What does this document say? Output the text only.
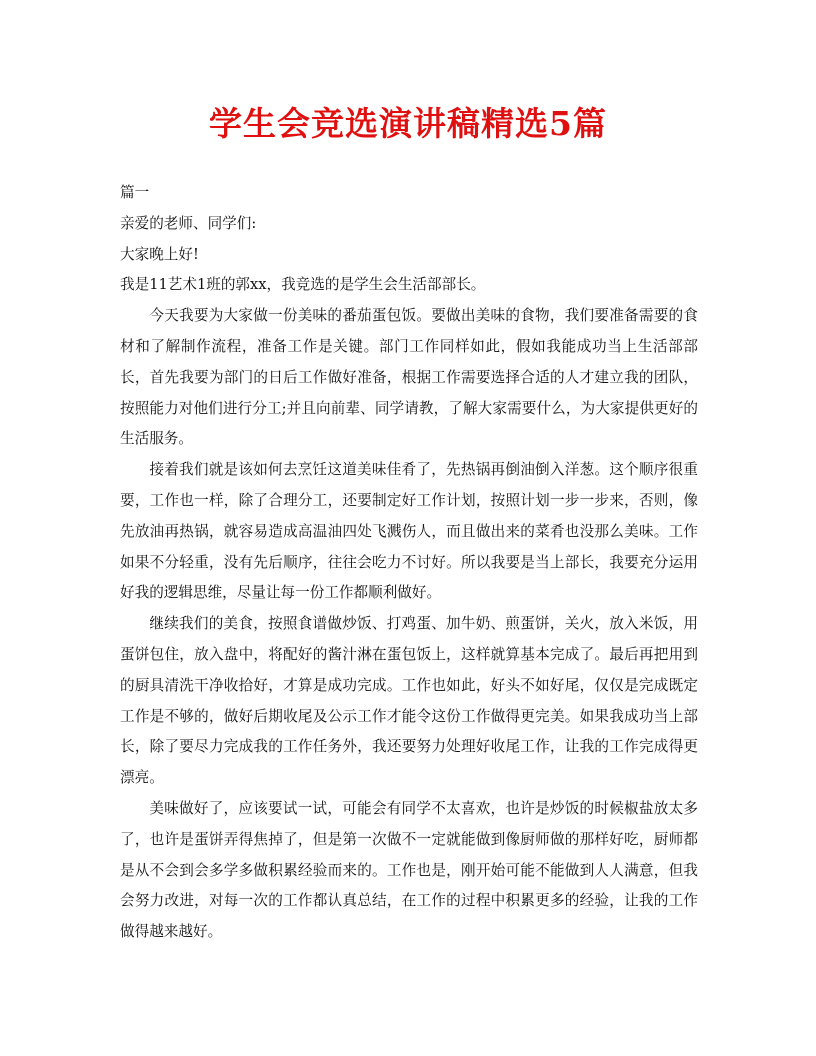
学生会竞选演讲稿精选5篇

篇一

亲爱的老师、同学们:

大家晚上好!

我是11艺术1班的郭xx，我竞选的是学生会生活部部长。

今天我要为大家做一份美味的番茄蛋包饭。要做出美味的食物，我们要准备需要的食材和了解制作流程，准备工作是关键。部门工作同样如此，假如我能成功当上生活部部长，首先我要为部门的日后工作做好准备，根据工作需要选择合适的人才建立我的团队，按照能力对他们进行分工;并且向前辈、同学请教，了解大家需要什么，为大家提供更好的生活服务。

接着我们就是该如何去烹饪这道美味佳肴了，先热锅再倒油倒入洋葱。这个顺序很重要，工作也一样，除了合理分工，还要制定好工作计划，按照计划一步一步来，否则，像先放油再热锅，就容易造成高温油四处飞溅伤人，而且做出来的菜肴也没那么美味。工作如果不分轻重，没有先后顺序，往往会吃力不讨好。所以我要是当上部长，我要充分运用好我的逻辑思维，尽量让每一份工作都顺利做好。

继续我们的美食，按照食谱做炒饭、打鸡蛋、加牛奶、煎蛋饼，关火，放入米饭，用蛋饼包住，放入盘中，将配好的酱汁淋在蛋包饭上，这样就算基本完成了。最后再把用到的厨具清洗干净收拾好，才算是成功完成。工作也如此，好头不如好尾，仅仅是完成既定工作是不够的，做好后期收尾及公示工作才能令这份工作做得更完美。如果我成功当上部长，除了要尽力完成我的工作任务外，我还要努力处理好收尾工作，让我的工作完成得更漂亮。

美味做好了，应该要试一试，可能会有同学不太喜欢，也许是炒饭的时候椒盐放太多了，也许是蛋饼弄得焦掉了，但是第一次做不一定就能做到像厨师做的那样好吃，厨师都是从不会到会多学多做积累经验而来的。工作也是，刚开始可能不能做到人人满意，但我会努力改进，对每一次的工作都认真总结，在工作的过程中积累更多的经验，让我的工作做得越来越好。
